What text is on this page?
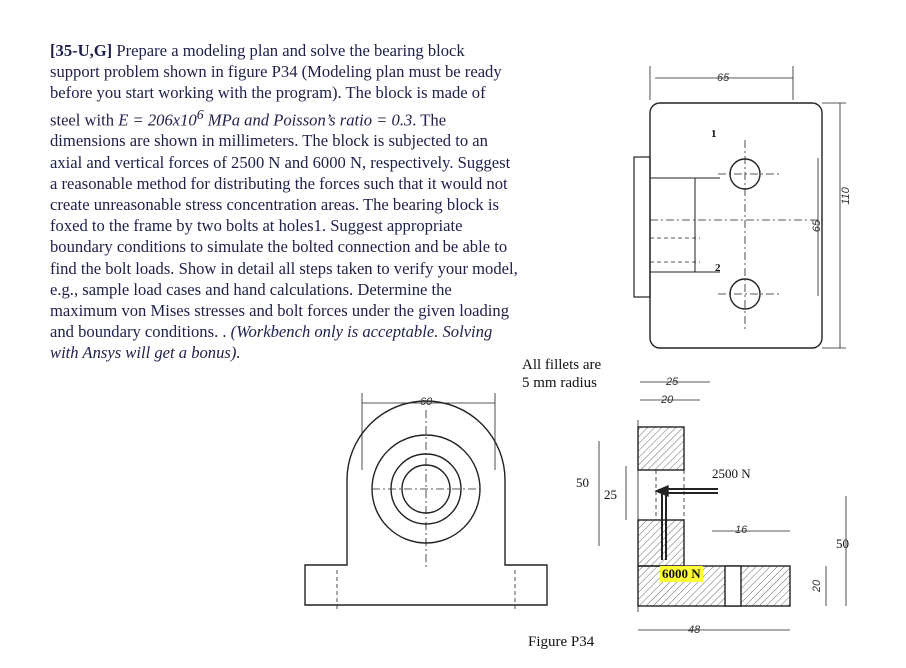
[35-U,G] Prepare a modeling plan and solve the bearing block

support problem shown in figure P34 (Modeling plan must be ready

before you start working with the program). The block is made of

steel with $E = 206x10^6$ MPa and Poisson’s ratio = 0.3. The

dimensions are shown in millimeters. The block is subjected to an

axial and vertical forces of 2500 N and 6000 N, respectively. Suggest

a reasonable method for distributing the forces such that it would not

create unreasonable stress concentration areas. The bearing block is

foxed to the frame by two bolts at holes1. Suggest appropriate

boundary conditions to simulate the bolted connection and be able to

find the bolt loads. Show in detail all steps taken to verify your model,

e.g., sample load cases and hand calculations. Determine the

maximum von Mises stresses and bolt forces under the given loading

and boundary conditions. . (Workbench only is acceptable. Solving

with Ansys will get a bonus).

All fillets are
5 mm radius
Figure P34
65
110
65
1
2
60
25
20
50
25
2500 N
6000 N
16
50
20
48
